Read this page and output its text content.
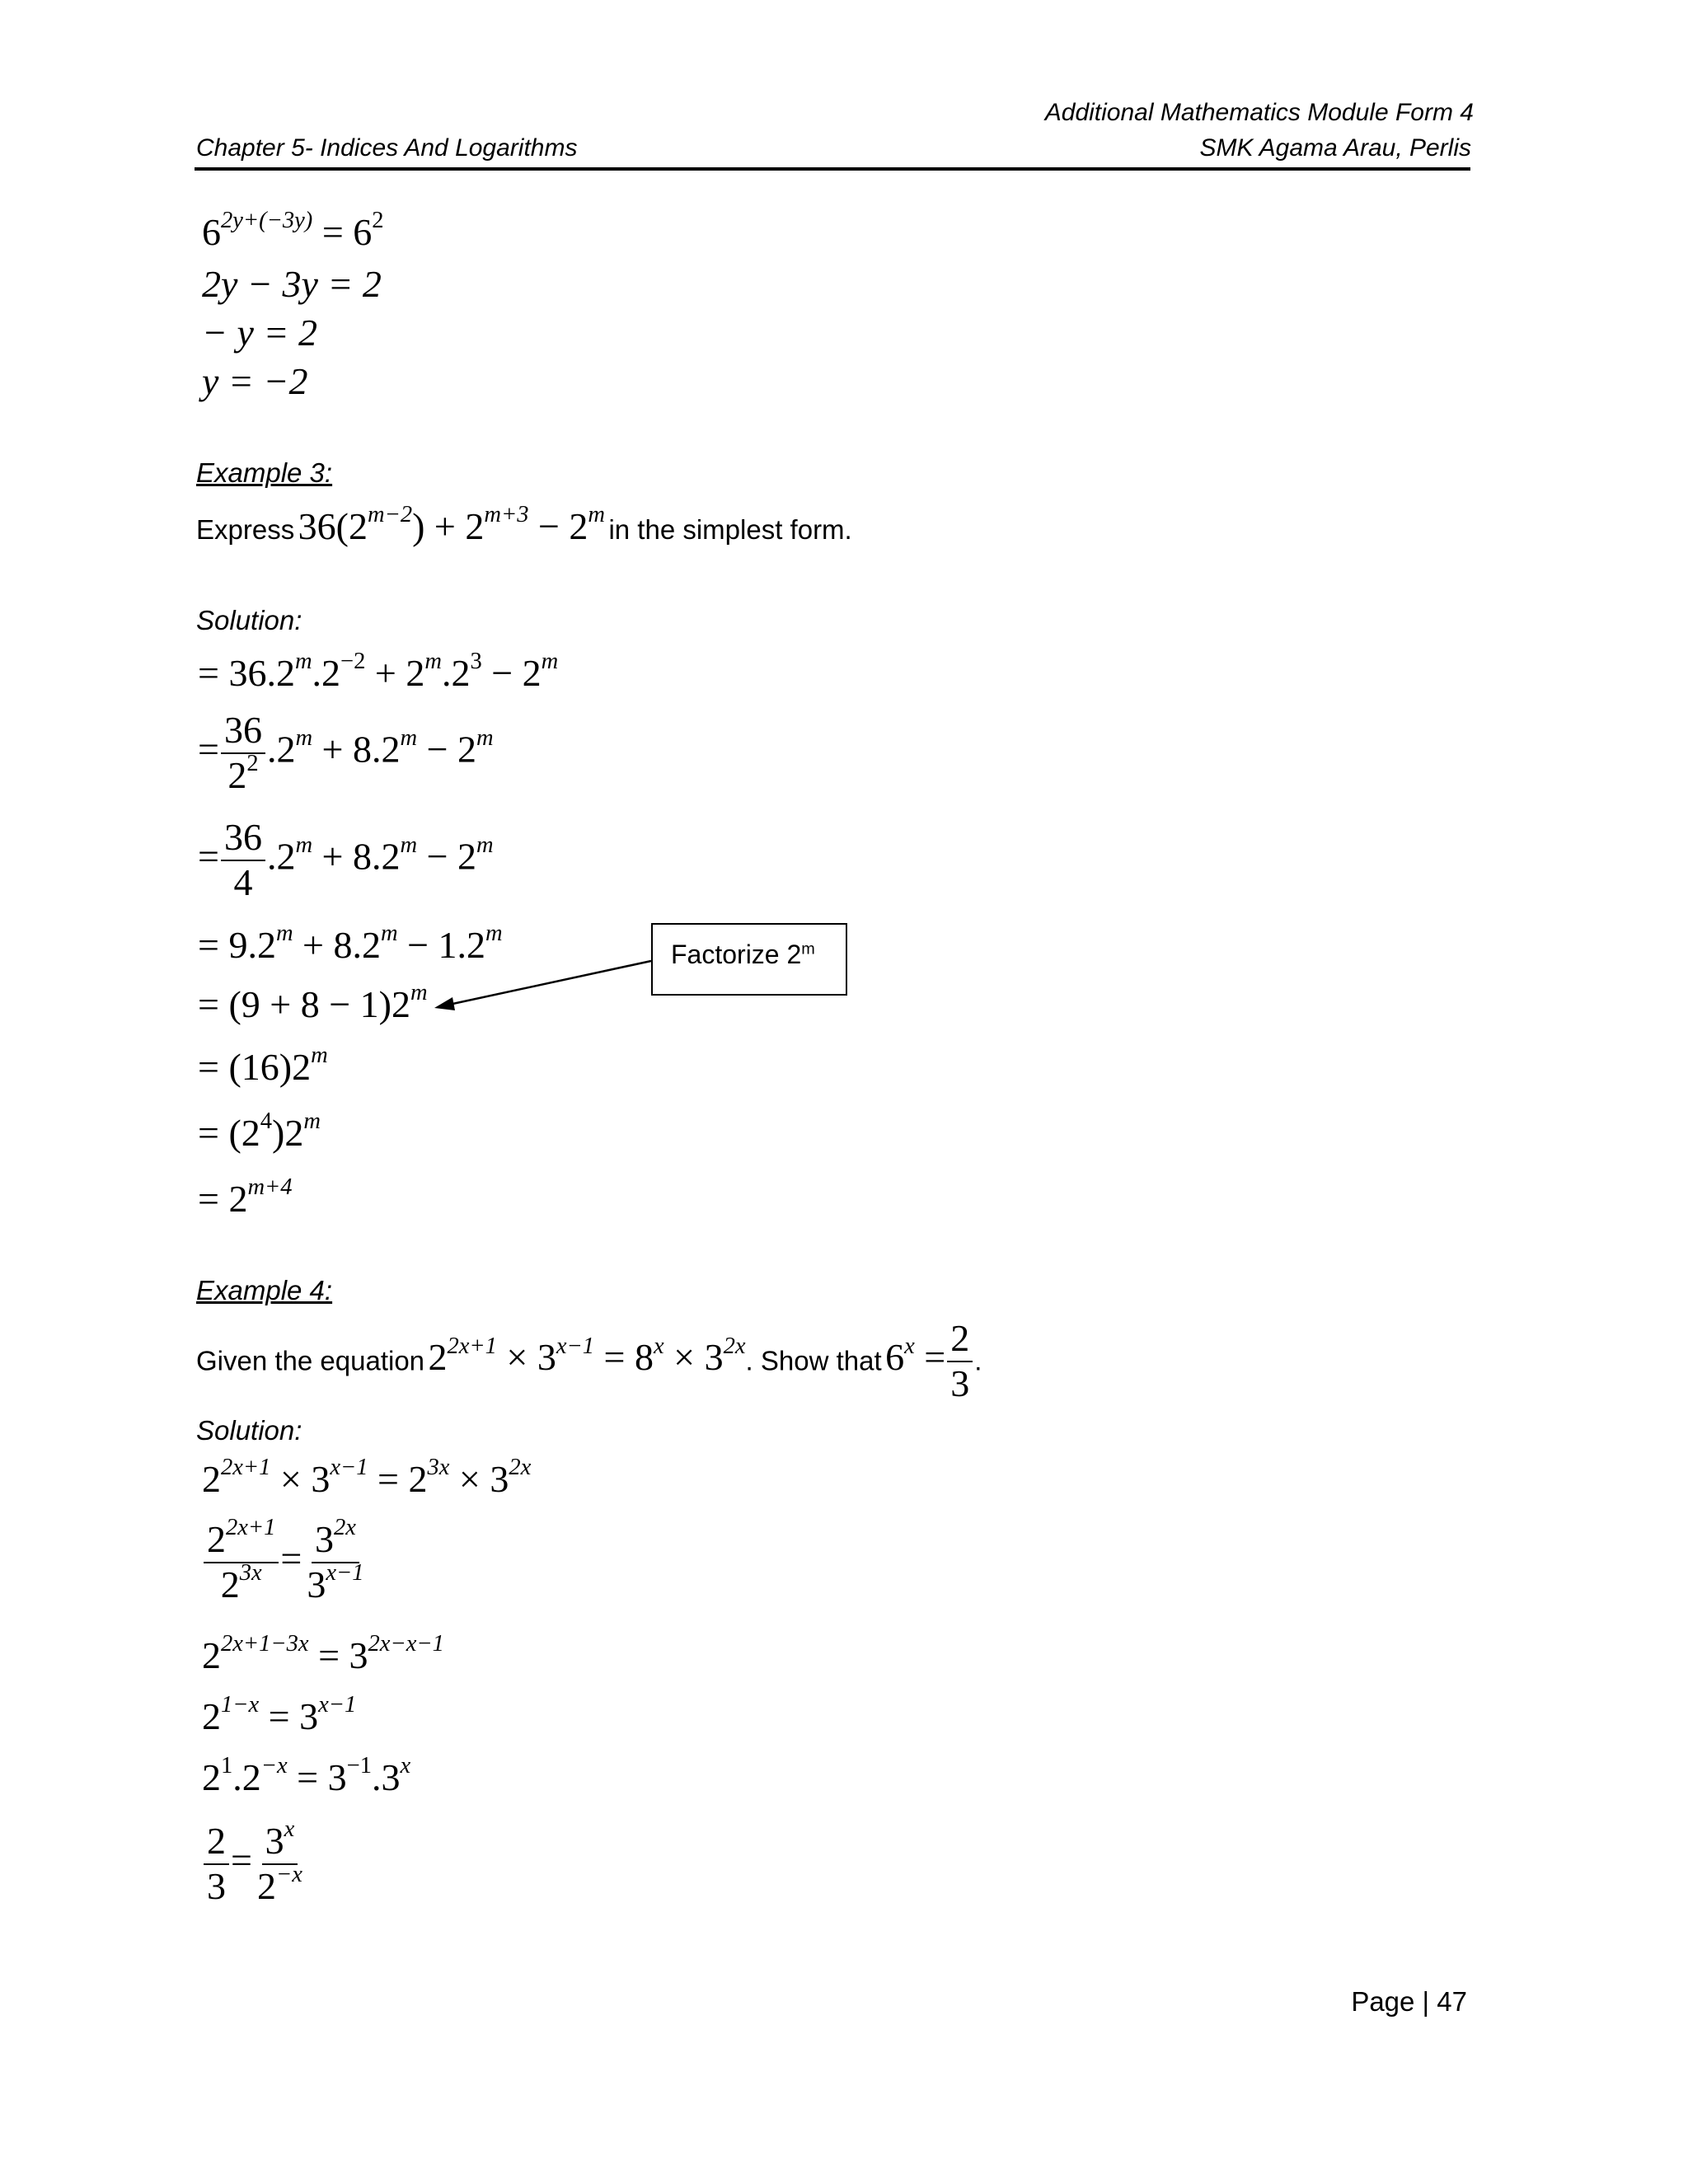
Additional Mathematics Module Form 4
Chapter 5- Indices And Logarithms	SMK Agama Arau, Perlis
$6^{2y+(-3y)} = 6^2$
2y − 3y = 2
− y = 2
y = −2
Example 3:
Express $36(2^{m-2}) + 2^{m+3} - 2^m$ in the simplest form.
Solution:
= $36.2^m.2^{-2} + 2^m.2^3 - 2^m$
= $\frac{36}{2^2} .2^m + 8.2^m - 2^m$
= $\frac{36}{4} .2^m + 8.2^m - 2^m$
= $9.2^m + 8.2^m - 1.2^m$
= $(9 + 8 - 1)2^m$
= $(16)2^m$
= $(2^4)2^m$
= $2^{m+4}$
Factorize 2$^m$
Example 4:
Given the equation $2^{2x+1} \times 3^{x-1} = 8^x \times 3^{2x}$. Show that $6^x = \frac{2}{3}$ .
Solution:
$2^{2x+1} \times 3^{x-1} = 2^{3x} \times 3^{2x}$
$\frac{2^{2x+1}}{2^{3x}} = \frac{3^{2x}}{3^{x-1}}$
$2^{2x+1-3x} = 3^{2x-x-1}$
$2^{1-x} = 3^{x-1}$
$2^1.2^{-x} = 3^{-1}.3^x$
$\frac{2}{3} = \frac{3^x}{2^{-x}}$
Page | 47
